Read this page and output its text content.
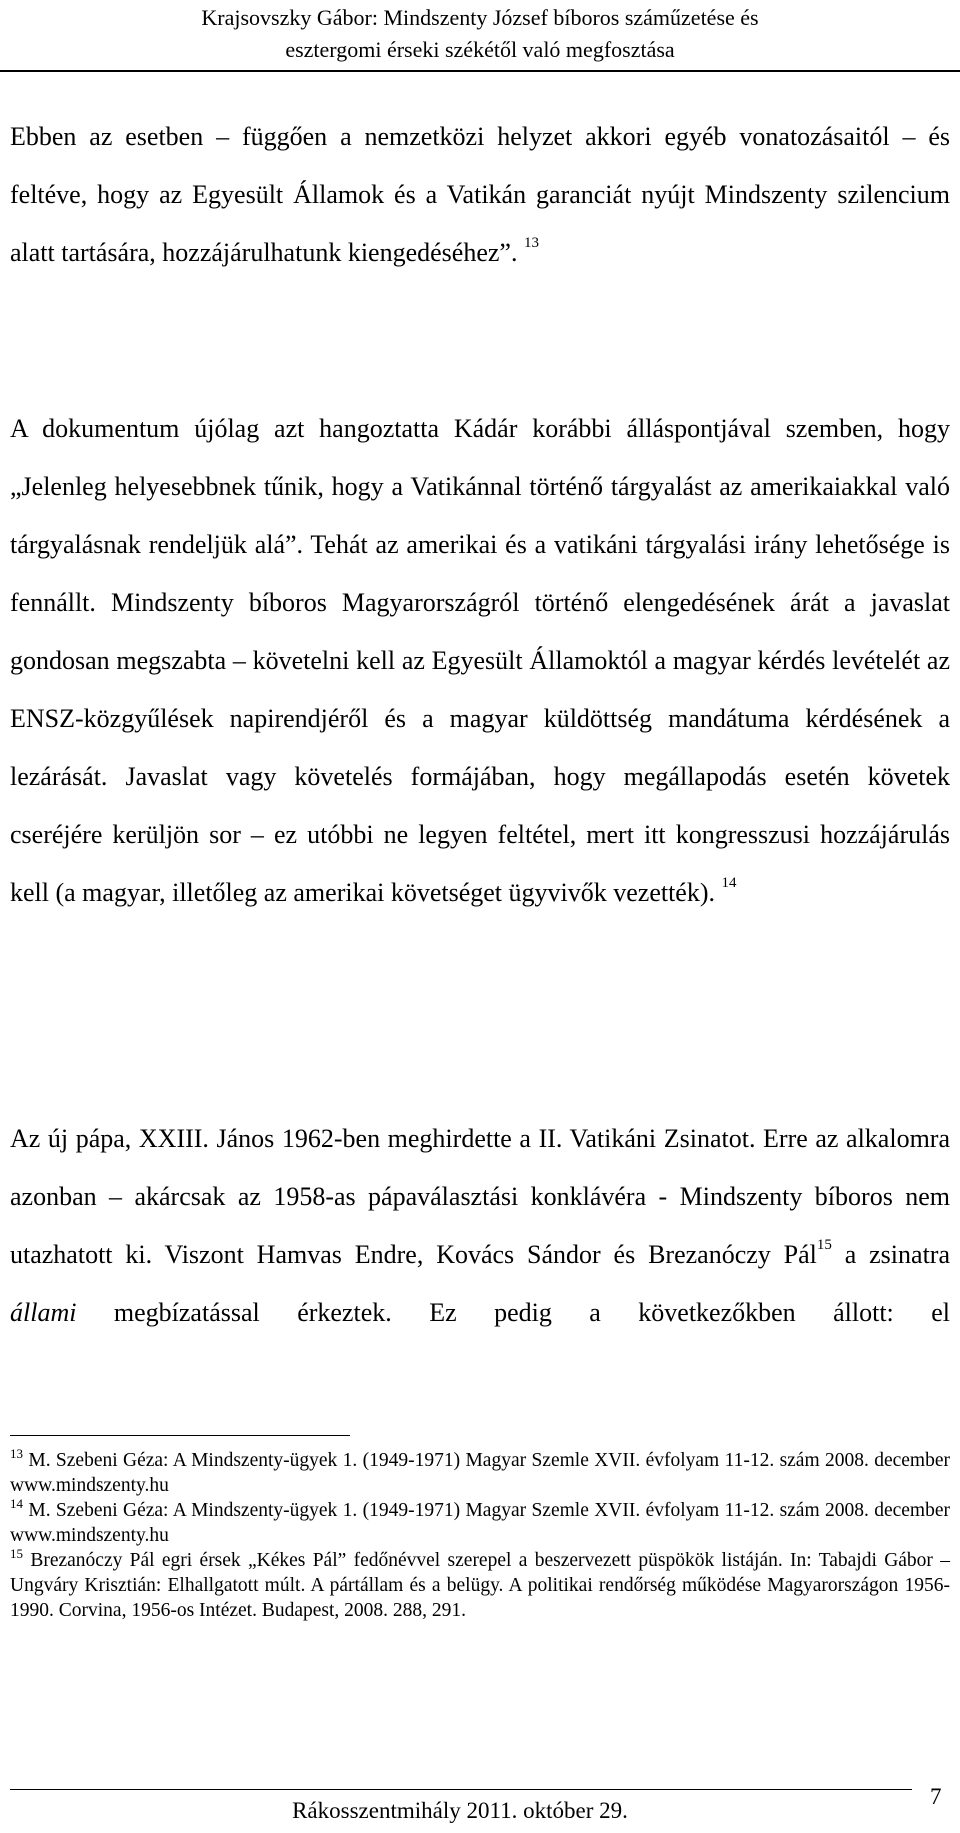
Krajsovszky Gábor: Mindszenty József bíboros száműzetése és
esztergomi érseki székétől való megfosztása

Ebben az esetben – függően a nemzetközi helyzet akkori egyéb vonatozásaitól – és feltéve, hogy az Egyesült Államok és a Vatikán garanciát nyújt Mindszenty szilencium alatt tartására, hozzájárulhatunk kiengedéséhez”. $^{13}$

A dokumentum újólag azt hangoztatta Kádár korábbi álláspontjával szemben, hogy „Jelenleg helyesebbnek tűnik, hogy a Vatikánnal történő tárgyalást az amerikaiakkal való tárgyalásnak rendeljük alá”. Tehát az amerikai és a vatikáni tárgyalási irány lehetősége is fennállt. Mindszenty bíboros Magyarországról történő elengedésének árát a javaslat gondosan megszabta – követelni kell az Egyesült Államoktól a magyar kérdés levételét az ENSZ-közgyűlések napirendjéről és a magyar küldöttség mandátuma kérdésének a lezárását. Javaslat vagy követelés formájában, hogy megállapodás esetén követek cseréjére kerüljön sor – ez utóbbi ne legyen feltétel, mert itt kongresszusi hozzájárulás kell (a magyar, illetőleg az amerikai követséget ügyvivők vezették). $^{14}$

Az új pápa, XXIII. János 1962-ben meghirdette a II. Vatikáni Zsinatot. Erre az alkalomra azonban – akárcsak az 1958-as pápaválasztási konklávéra - Mindszenty bíboros nem utazhatott ki. Viszont Hamvas Endre, Kovács Sándor és Brezanóczy Pál$^{15}$ a zsinatra állami megbízatással érkeztek. Ez pedig a következőkben állott: el

$^{13}$ M. Szebeni Géza: A Mindszenty-ügyek 1. (1949-1971) Magyar Szemle XVII. évfolyam 11-12. szám 2008. december www.mindszenty.hu

$^{14}$ M. Szebeni Géza: A Mindszenty-ügyek 1. (1949-1971) Magyar Szemle XVII. évfolyam 11-12. szám 2008. december www.mindszenty.hu

$^{15}$ Brezanóczy Pál egri érsek „Kékes Pál” fedőnévvel szerepel a beszervezett püspökök listáján. In: Tabajdi Gábor – Ungváry Krisztián: Elhallgatott múlt. A pártállam és a belügy. A politikai rendőrség működése Magyarországon 1956-1990. Corvina, 1956-os Intézet. Budapest, 2008. 288, 291.

Rákosszentmihály 2011. október 29.
7
